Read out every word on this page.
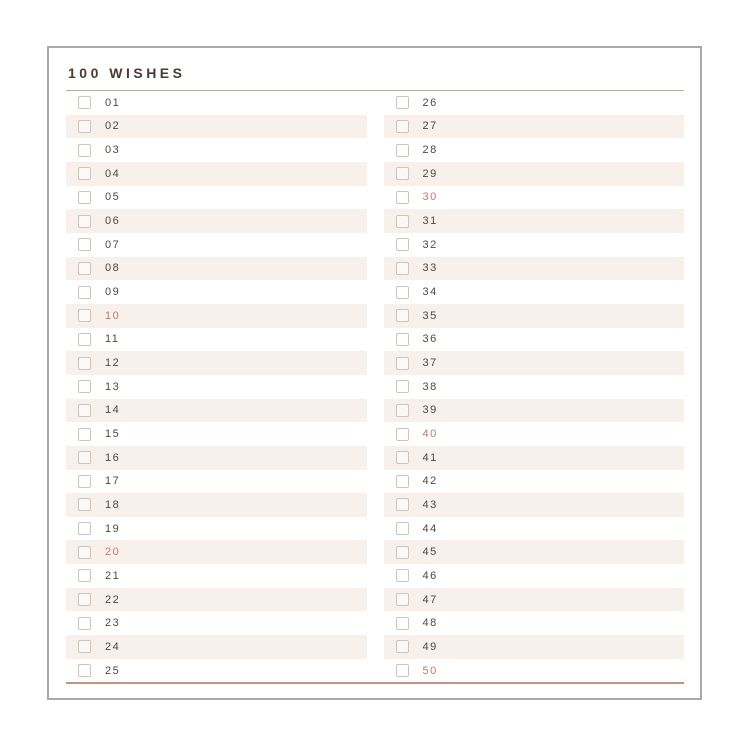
100 WISHES
01
02
03
04
05
06
07
08
09
10
11
12
13
14
15
16
17
18
19
20
21
22
23
24
25
26
27
28
29
30
31
32
33
34
35
36
37
38
39
40
41
42
43
44
45
46
47
48
49
50
